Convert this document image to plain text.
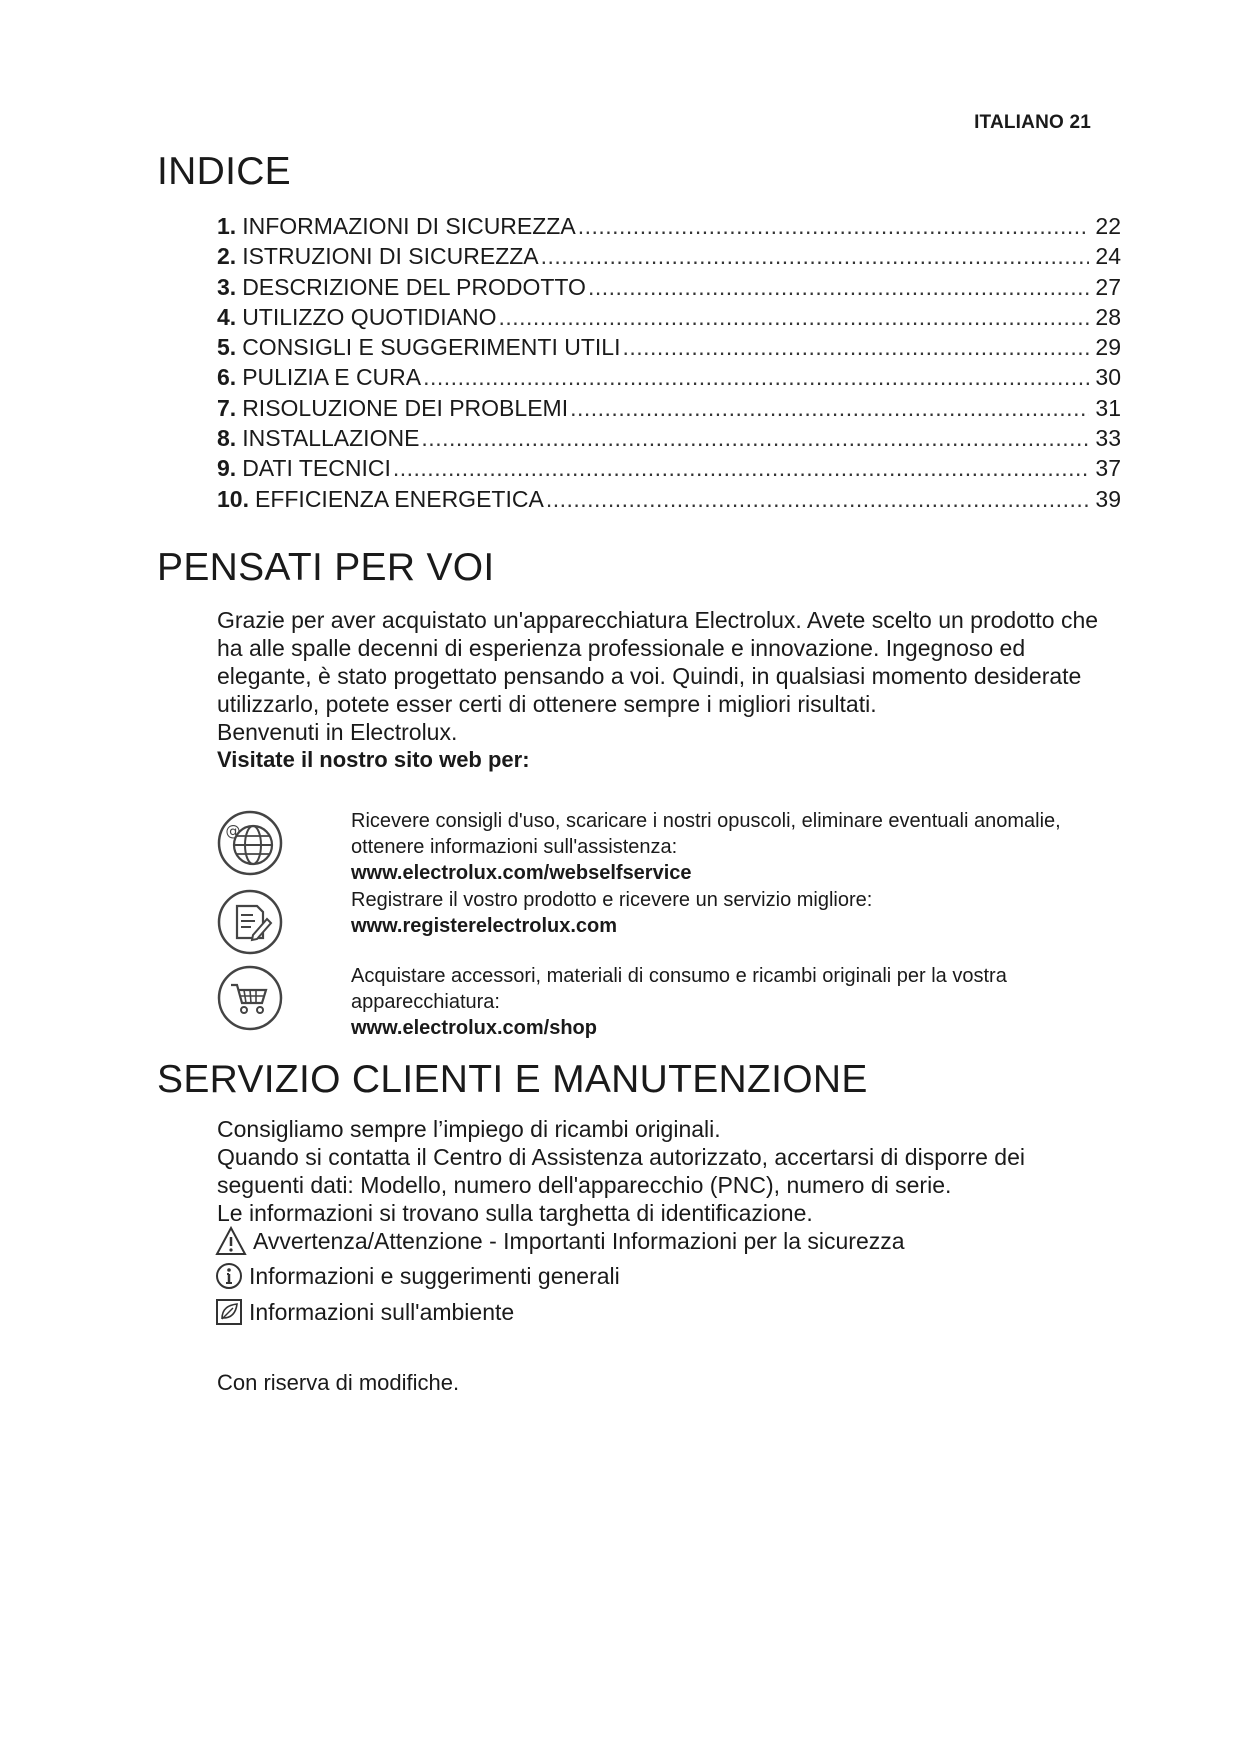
ITALIANO 21
INDICE
1. INFORMAZIONI DI SICUREZZA .....	22
2. ISTRUZIONI DI SICUREZZA .....	24
3. DESCRIZIONE DEL PRODOTTO .....	27
4. UTILIZZO QUOTIDIANO .....	28
5. CONSIGLI E SUGGERIMENTI UTILI .....	29
6. PULIZIA E CURA .....	30
7. RISOLUZIONE DEI PROBLEMI .....	31
8. INSTALLAZIONE .....	33
9. DATI TECNICI .....	37
10. EFFICIENZA ENERGETICA .....	39
PENSATI PER VOI

Grazie per aver acquistato un'apparecchiatura Electrolux. Avete scelto un prodotto che ha alle spalle decenni di esperienza professionale e innovazione. Ingegnoso ed elegante, è stato progettato pensando a voi. Quindi, in qualsiasi momento desiderate utilizzarlo, potete esser certi di ottenere sempre i migliori risultati.

Benvenuti in Electrolux.

Visitate il nostro sito web per:

@	Ricevere consigli d'uso, scaricare i nostri opuscoli, eliminare eventuali anomalie, ottenere informazioni sull'assistenza:
www.electrolux.com/webselfservice
Registrare il vostro prodotto e ricevere un servizio migliore:
www.registerelectrolux.com
Acquistare accessori, materiali di consumo e ricambi originali per la vostra apparecchiatura:
www.electrolux.com/shop
SERVIZIO CLIENTI E MANUTENZIONE

Consigliamo sempre l’impiego di ricambi originali.

Quando si contatta il Centro di Assistenza autorizzato, accertarsi di disporre dei seguenti dati: Modello, numero dell'apparecchio (PNC), numero di serie.

Le informazioni si trovano sulla targhetta di identificazione.

Avvertenza/Attenzione - Importanti Informazioni per la sicurezza
Informazioni e suggerimenti generali
Informazioni sull'ambiente
Con riserva di modifiche.
